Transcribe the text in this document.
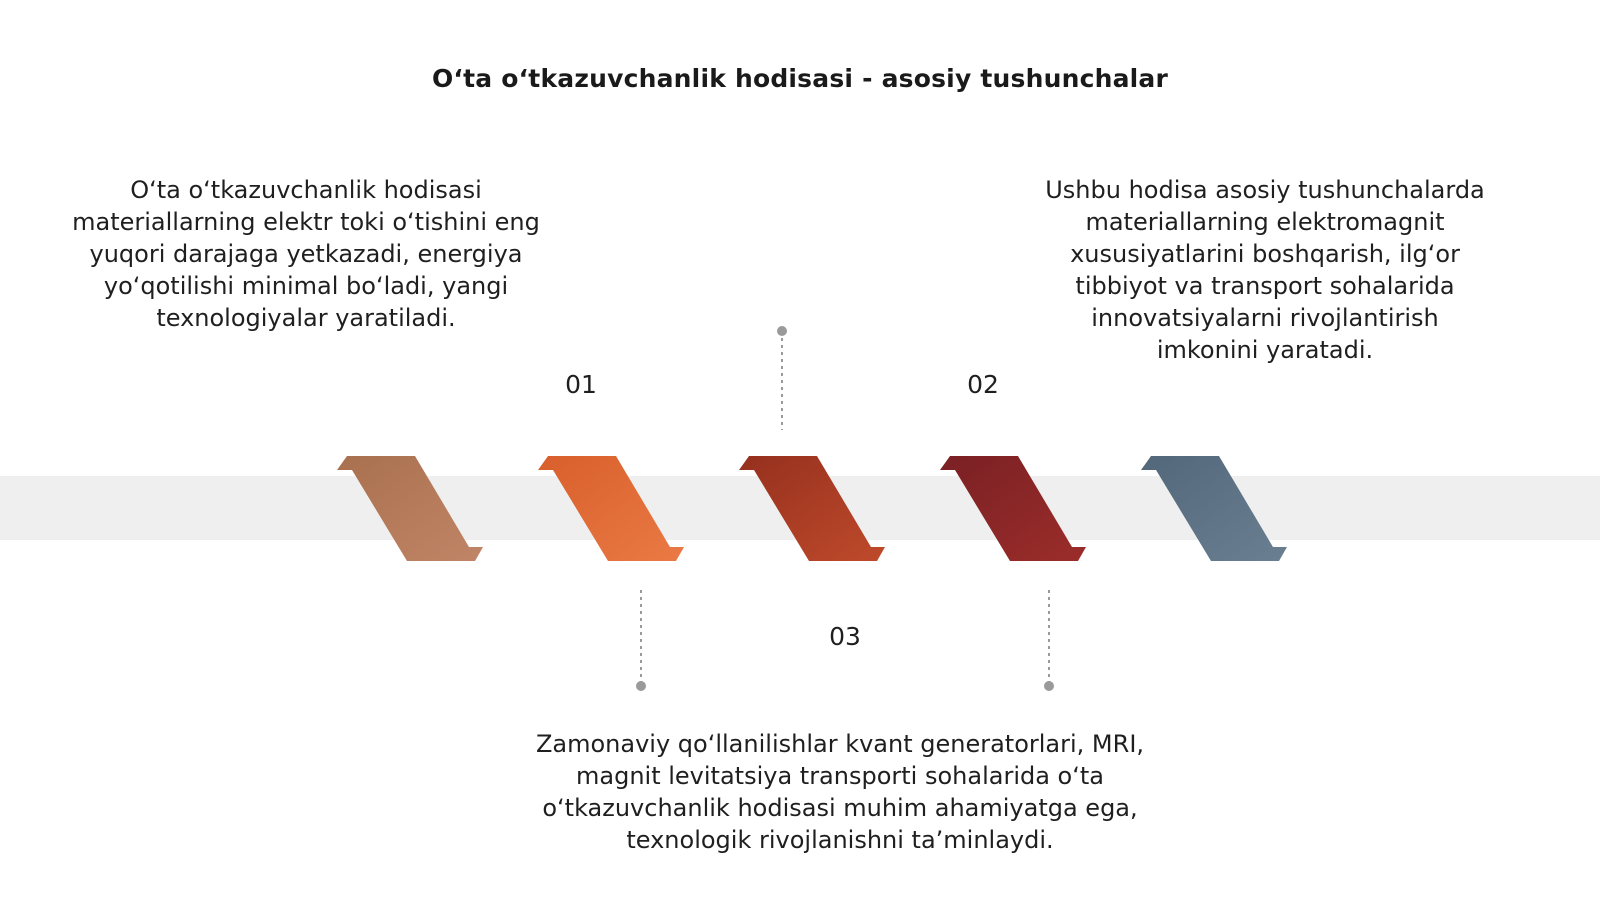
O‘ta o‘tkazuvchanlik hodisasi - asosiy tushunchalar
O‘ta o‘tkazuvchanlik hodisasi materiallarning elektr toki o‘tishini eng yuqori darajaga yetkazadi, energiya yo‘qotilishi minimal bo‘ladi, yangi texnologiyalar yaratiladi.
Ushbu hodisa asosiy tushunchalarda materiallarning elektromagnit xususiyatlarini boshqarish, ilg‘or tibbiyot va transport sohalarida innovatsiyalarni rivojlantirish imkonini yaratadi.
Zamonaviy qo‘llanilishlar kvant generatorlari, MRI, magnit levitatsiya transporti sohalarida o‘ta o‘tkazuvchanlik hodisasi muhim ahamiyatga ega, texnologik rivojlanishni ta’minlaydi.
01	02
03
